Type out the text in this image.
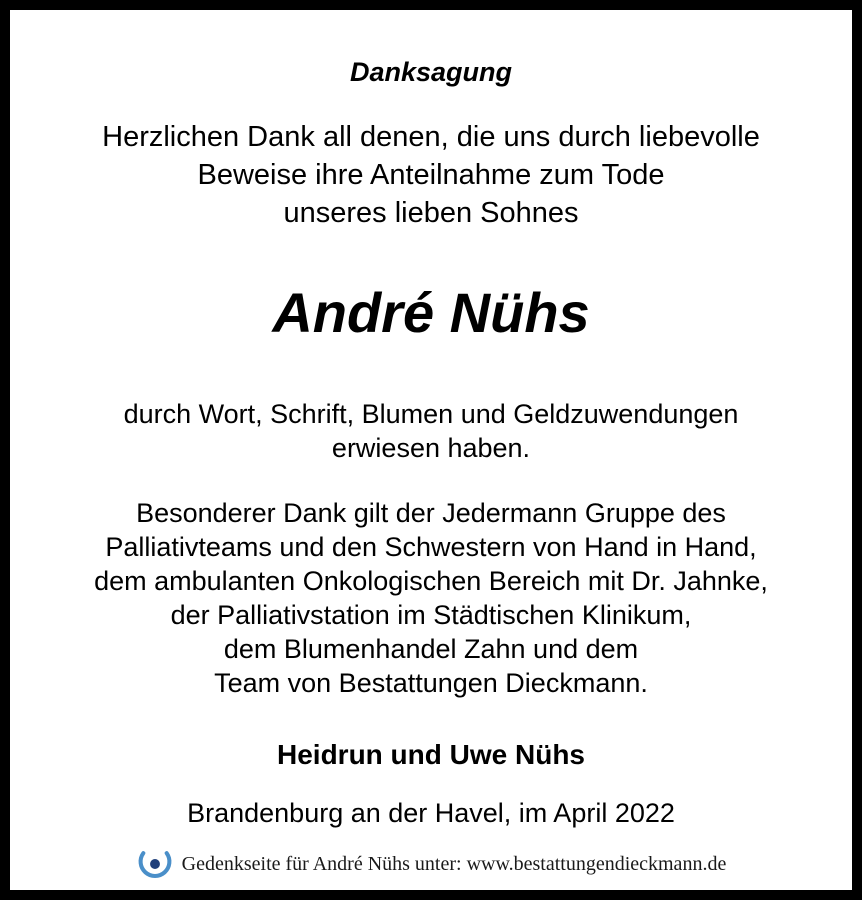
Danksagung
Herzlichen Dank all denen, die uns durch liebevolle
Beweise ihre Anteilnahme zum Tode
unseres lieben Sohnes
André Nühs
durch Wort, Schrift, Blumen und Geldzuwendungen
erwiesen haben.
Besonderer Dank gilt der Jedermann Gruppe des
Palliativteams und den Schwestern von Hand in Hand,
dem ambulanten Onkologischen Bereich mit Dr. Jahnke,
der Palliativstation im Städtischen Klinikum,
dem Blumenhandel Zahn und dem
Team von Bestattungen Dieckmann.
Heidrun und Uwe Nühs
Brandenburg an der Havel, im April 2022
Gedenkseite für André Nühs unter: www.bestattungendieckmann.de
